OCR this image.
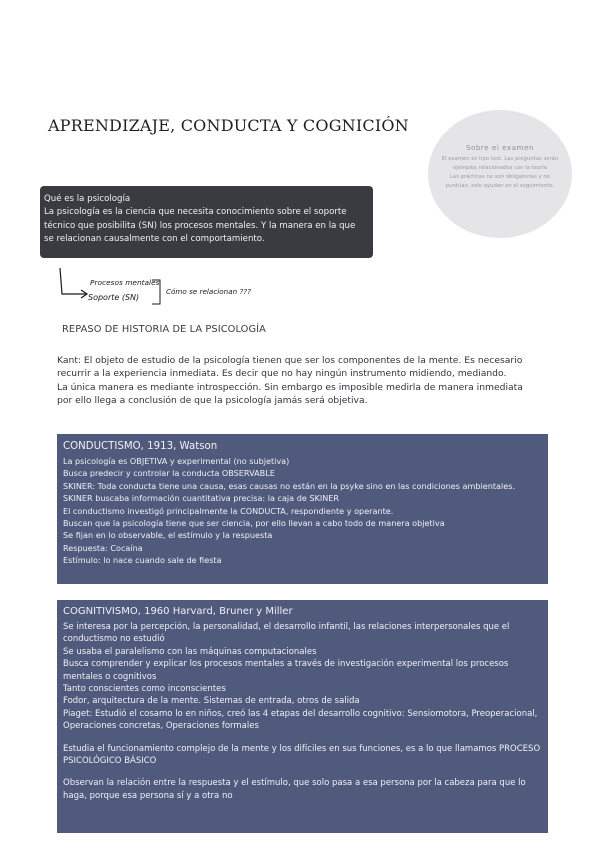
APRENDIZAJE, CONDUCTA Y COGNICIÓN
Sobre el examen
El examen es tipo test. Las preguntas serán
ejemplos relacionados con la teoría
Las prácticas no son obligatorias y no
puntúan, solo ayudan en el seguimiento.
Qué es la psicología
La psicología es la ciencia que necesita conocimiento sobre el soporte
técnico que posibilita (SN) los procesos mentales. Y la manera en la que
se relacionan causalmente con el comportamiento.
Procesos mentales
Soporte (SN)
Cómo se relacionan ???
REPASO DE HISTORIA DE LA PSICOLOGÍA
Kant: El objeto de estudio de la psicología tienen que ser los componentes de la mente. Es necesario
recurrir a la experiencia inmediata. Es decir que no hay ningún instrumento midiendo, mediando.
La única manera es mediante introspección. Sin embargo es imposible medirla de manera inmediata
por ello llega a conclusión de que la psicología jamás será objetiva.
CONDUCTISMO, 1913, Watson
La psicología es OBJETIVA y experimental (no subjetiva)
Busca predecir y controlar la conducta OBSERVABLE
SKINER: Toda conducta tiene una causa, esas causas no están en la psyke sino en las condiciones ambientales.
SKINER buscaba información cuantitativa precisa: la caja de SKINER
El conductismo investigó principalmente la CONDUCTA, respondiente y operante.
Buscan que la psicología tiene que ser ciencia, por ello llevan a cabo todo de manera objetiva
Se fijan en lo observable, el estímulo y la respuesta
Respuesta: Cocaína
Estímulo: lo nace cuando sale de fiesta
COGNITIVISMO, 1960 Harvard, Bruner y Miller
Se interesa por la percepción, la personalidad, el desarrollo infantil, las relaciones interpersonales que el conductismo no estudió
Se usaba el paralelismo con las máquinas computacionales
Busca comprender y explicar los procesos mentales a través de investigación experimental los procesos mentales o cognitivos
Tanto conscientes como inconscientes
Fodor, arquitectura de la mente. Sistemas de entrada, otros de salida
Piaget: Estudió el cosamo lo en niños, creó las 4 etapas del desarrollo cognitivo: Sensiomotora, Preoperacional, Operaciones concretas, Operaciones formales
Estudia el funcionamiento complejo de la mente y los difíciles en sus funciones, es a lo que llamamos PROCESO PSICOLÓGICO BÁSICO
Observan la relación entre la respuesta y el estímulo, que solo pasa a esa persona por la cabeza para que lo haga, porque esa persona sí y a otra no
